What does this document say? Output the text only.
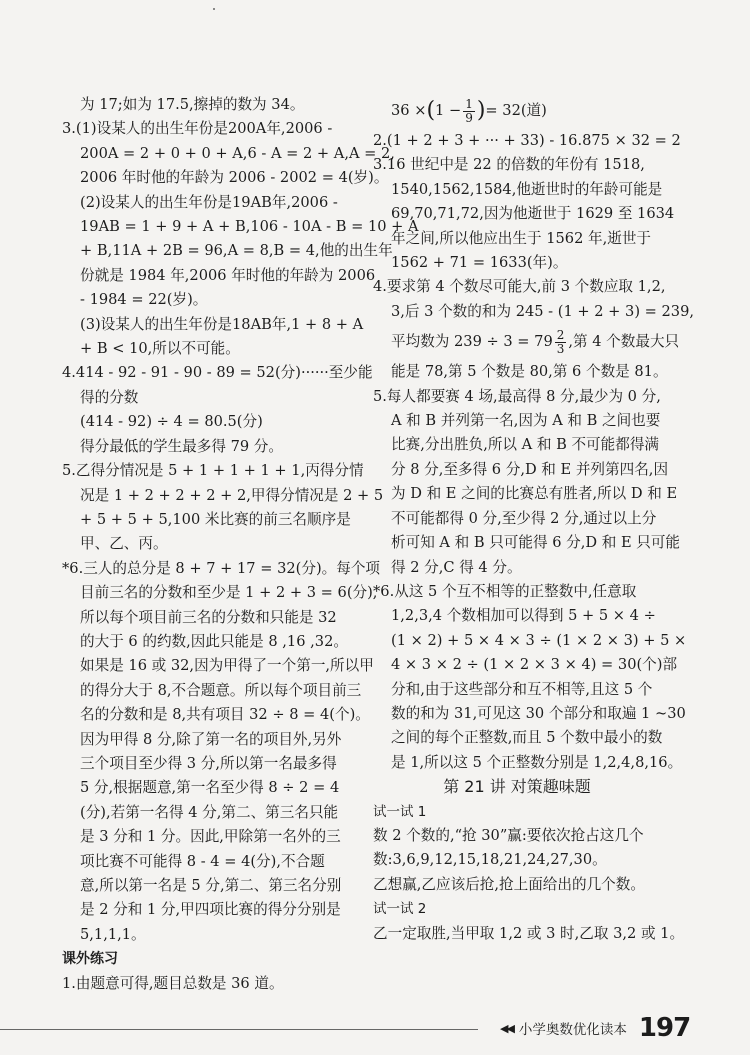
为 17;如为 17.5,擦掉的数为 34。

3.(1)设某人的出生年份是200A年,2006 -

200A = 2 + 0 + 0 + A,6 - A = 2 + A,A = 2,

2006 年时他的年龄为 2006 - 2002 = 4(岁)。

(2)设某人的出生年份是19AB年,2006 -

19AB = 1 + 9 + A + B,106 - 10A - B = 10 + A

+ B,11A + 2B = 96,A = 8,B = 4,他的出生年

份就是 1984 年,2006 年时他的年龄为 2006

- 1984 = 22(岁)。

(3)设某人的出生年份是18AB年,1 + 8 + A

+ B < 10,所以不可能。

4.414 - 92 - 91 - 90 - 89 = 52(分)······至少能

得的分数

(414 - 92) ÷ 4 = 80.5(分)

得分最低的学生最多得 79 分。

5.乙得分情况是 5 + 1 + 1 + 1 + 1,丙得分情

况是 1 + 2 + 2 + 2 + 2,甲得分情况是 2 + 5

+ 5 + 5 + 5,100 米比赛的前三名顺序是

甲、乙、丙。

*6.三人的总分是 8 + 7 + 17 = 32(分)。每个项

目前三名的分数和至少是 1 + 2 + 3 = 6(分),

所以每个项目前三名的分数和只能是 32

的大于 6 的约数,因此只能是 8 ,16 ,32。

如果是 16 或 32,因为甲得了一个第一,所以甲

的得分大于 8,不合题意。所以每个项目前三

名的分数和是 8,共有项目 32 ÷ 8 = 4(个)。

因为甲得 8 分,除了第一名的项目外,另外

三个项目至少得 3 分,所以第一名最多得

5 分,根据题意,第一名至少得 8 ÷ 2 = 4

(分),若第一名得 4 分,第二、第三名只能

是 3 分和 1 分。因此,甲除第一名外的三

项比赛不可能得 8 - 4 = 4(分),不合题

意,所以第一名是 5 分,第二、第三名分别

是 2 分和 1 分,甲四项比赛的得分分别是

5,1,1,1。

课外练习

1.由题意可得,题目总数是 36 道。

36 × ( $1 - \frac{1}{9}$ ) = 32(道)

2.(1 + 2 + 3 + ··· + 33) - 16.875 × 32 = 2

3.16 世纪中是 22 的倍数的年份有 1518,

1540,1562,1584,他逝世时的年龄可能是

69,70,71,72,因为他逝世于 1629 至 1634

年之间,所以他应出生于 1562 年,逝世于

1562 + 71 = 1633(年)。

4.要求第 4 个数尽可能大,前 3 个数应取 1,2,

3,后 3 个数的和为 245 - (1 + 2 + 3) = 239,

平均数为 $239 \div 3 = 79 \frac{2}{3}$ ,第 4 个数最大只

能是 78,第 5 个数是 80,第 6 个数是 81。

5.每人都要赛 4 场,最高得 8 分,最少为 0 分,

A 和 B 并列第一名,因为 A 和 B 之间也要

比赛,分出胜负,所以 A 和 B 不可能都得满

分 8 分,至多得 6 分,D 和 E 并列第四名,因

为 D 和 E 之间的比赛总有胜者,所以 D 和 E

不可能都得 0 分,至少得 2 分,通过以上分

析可知 A 和 B 只可能得 6 分,D 和 E 只可能

得 2 分,C 得 4 分。

*6.从这 5 个互不相等的正整数中,任意取

1,2,3,4 个数相加可以得到 5 + 5 × 4 ÷

(1 × 2) + 5 × 4 × 3 ÷ (1 × 2 × 3) + 5 ×

4 × 3 × 2 ÷ (1 × 2 × 3 × 4) = 30(个)部

分和,由于这些部分和互不相等,且这 5 个

数的和为 31,可见这 30 个部分和取遍 1 ~30

之间的每个正整数,而且 5 个数中最小的数

是 1,所以这 5 个正整数分别是 1,2,4,8,16。

第 21 讲 对策趣味题

试一试 1

数 2 个数的,“抢 30”赢:要依次抢占这几个

数:3,6,9,12,15,18,21,24,27,30。

乙想赢,乙应该后抢,抢上面给出的几个数。

试一试 2

乙一定取胜,当甲取 1,2 或 3 时,乙取 3,2 或 1。

◀◀ 小学奥数优化读本 197
